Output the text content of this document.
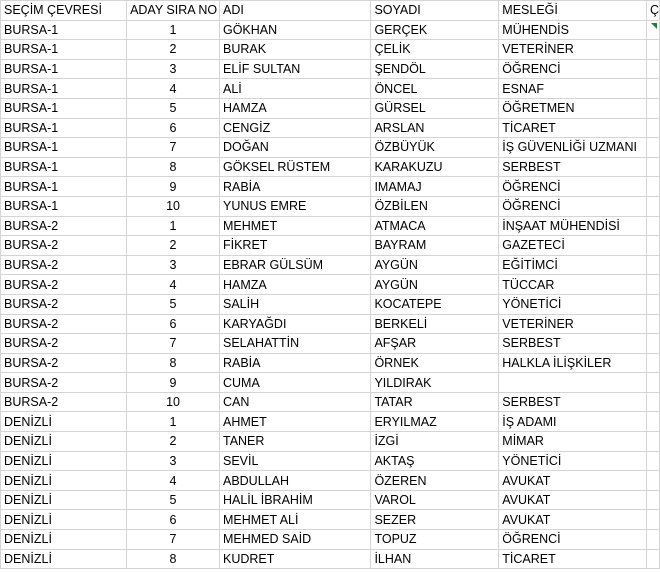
SEÇİM ÇEVRESİ	ADAY SIRA NO	ADI	SOYADI	MESLEĞİ	Ç
BURSA-1	1	GÖKHAN	GERÇEK	MÜHENDİS	
BURSA-1	2	BURAK	ÇELİK	VETERİNER	
BURSA-1	3	ELİF SULTAN	ŞENDÖL	ÖĞRENCİ	
BURSA-1	4	ALİ	ÖNCEL	ESNAF	
BURSA-1	5	HAMZA	GÜRSEL	ÖĞRETMEN	
BURSA-1	6	CENGİZ	ARSLAN	TİCARET	
BURSA-1	7	DOĞAN	ÖZBÜYÜK	İŞ GÜVENLİĞİ UZMANI	
BURSA-1	8	GÖKSEL RÜSTEM	KARAKUZU	SERBEST	
BURSA-1	9	RABİA	IMAMAJ	ÖĞRENCİ	
BURSA-1	10	YUNUS EMRE	ÖZBİLEN	ÖĞRENCİ	
BURSA-2	1	MEHMET	ATMACA	İNŞAAT MÜHENDİSİ	
BURSA-2	2	FİKRET	BAYRAM	GAZETECİ	
BURSA-2	3	EBRAR GÜLSÜM	AYGÜN	EĞİTİMCİ	
BURSA-2	4	HAMZA	AYGÜN	TÜCCAR	
BURSA-2	5	SALİH	KOCATEPE	YÖNETİCİ	
BURSA-2	6	KARYAĞDI	BERKELİ	VETERİNER	
BURSA-2	7	SELAHATTİN	AFŞAR	SERBEST	
BURSA-2	8	RABİA	ÖRNEK	HALKLA İLİŞKİLER	
BURSA-2	9	CUMA	YILDIRAK		
BURSA-2	10	CAN	TATAR	SERBEST	
DENİZLİ	1	AHMET	ERYILMAZ	İŞ ADAMI	
DENİZLİ	2	TANER	İZGİ	MİMAR	
DENİZLİ	3	SEVİL	AKTAŞ	YÖNETİCİ	
DENİZLİ	4	ABDULLAH	ÖZEREN	AVUKAT	
DENİZLİ	5	HALİL İBRAHİM	VAROL	AVUKAT	
DENİZLİ	6	MEHMET ALİ	SEZER	AVUKAT	
DENİZLİ	7	MEHMED SAİD	TOPUZ	ÖĞRENCİ	
DENİZLİ	8	KUDRET	İLHAN	TİCARET	
